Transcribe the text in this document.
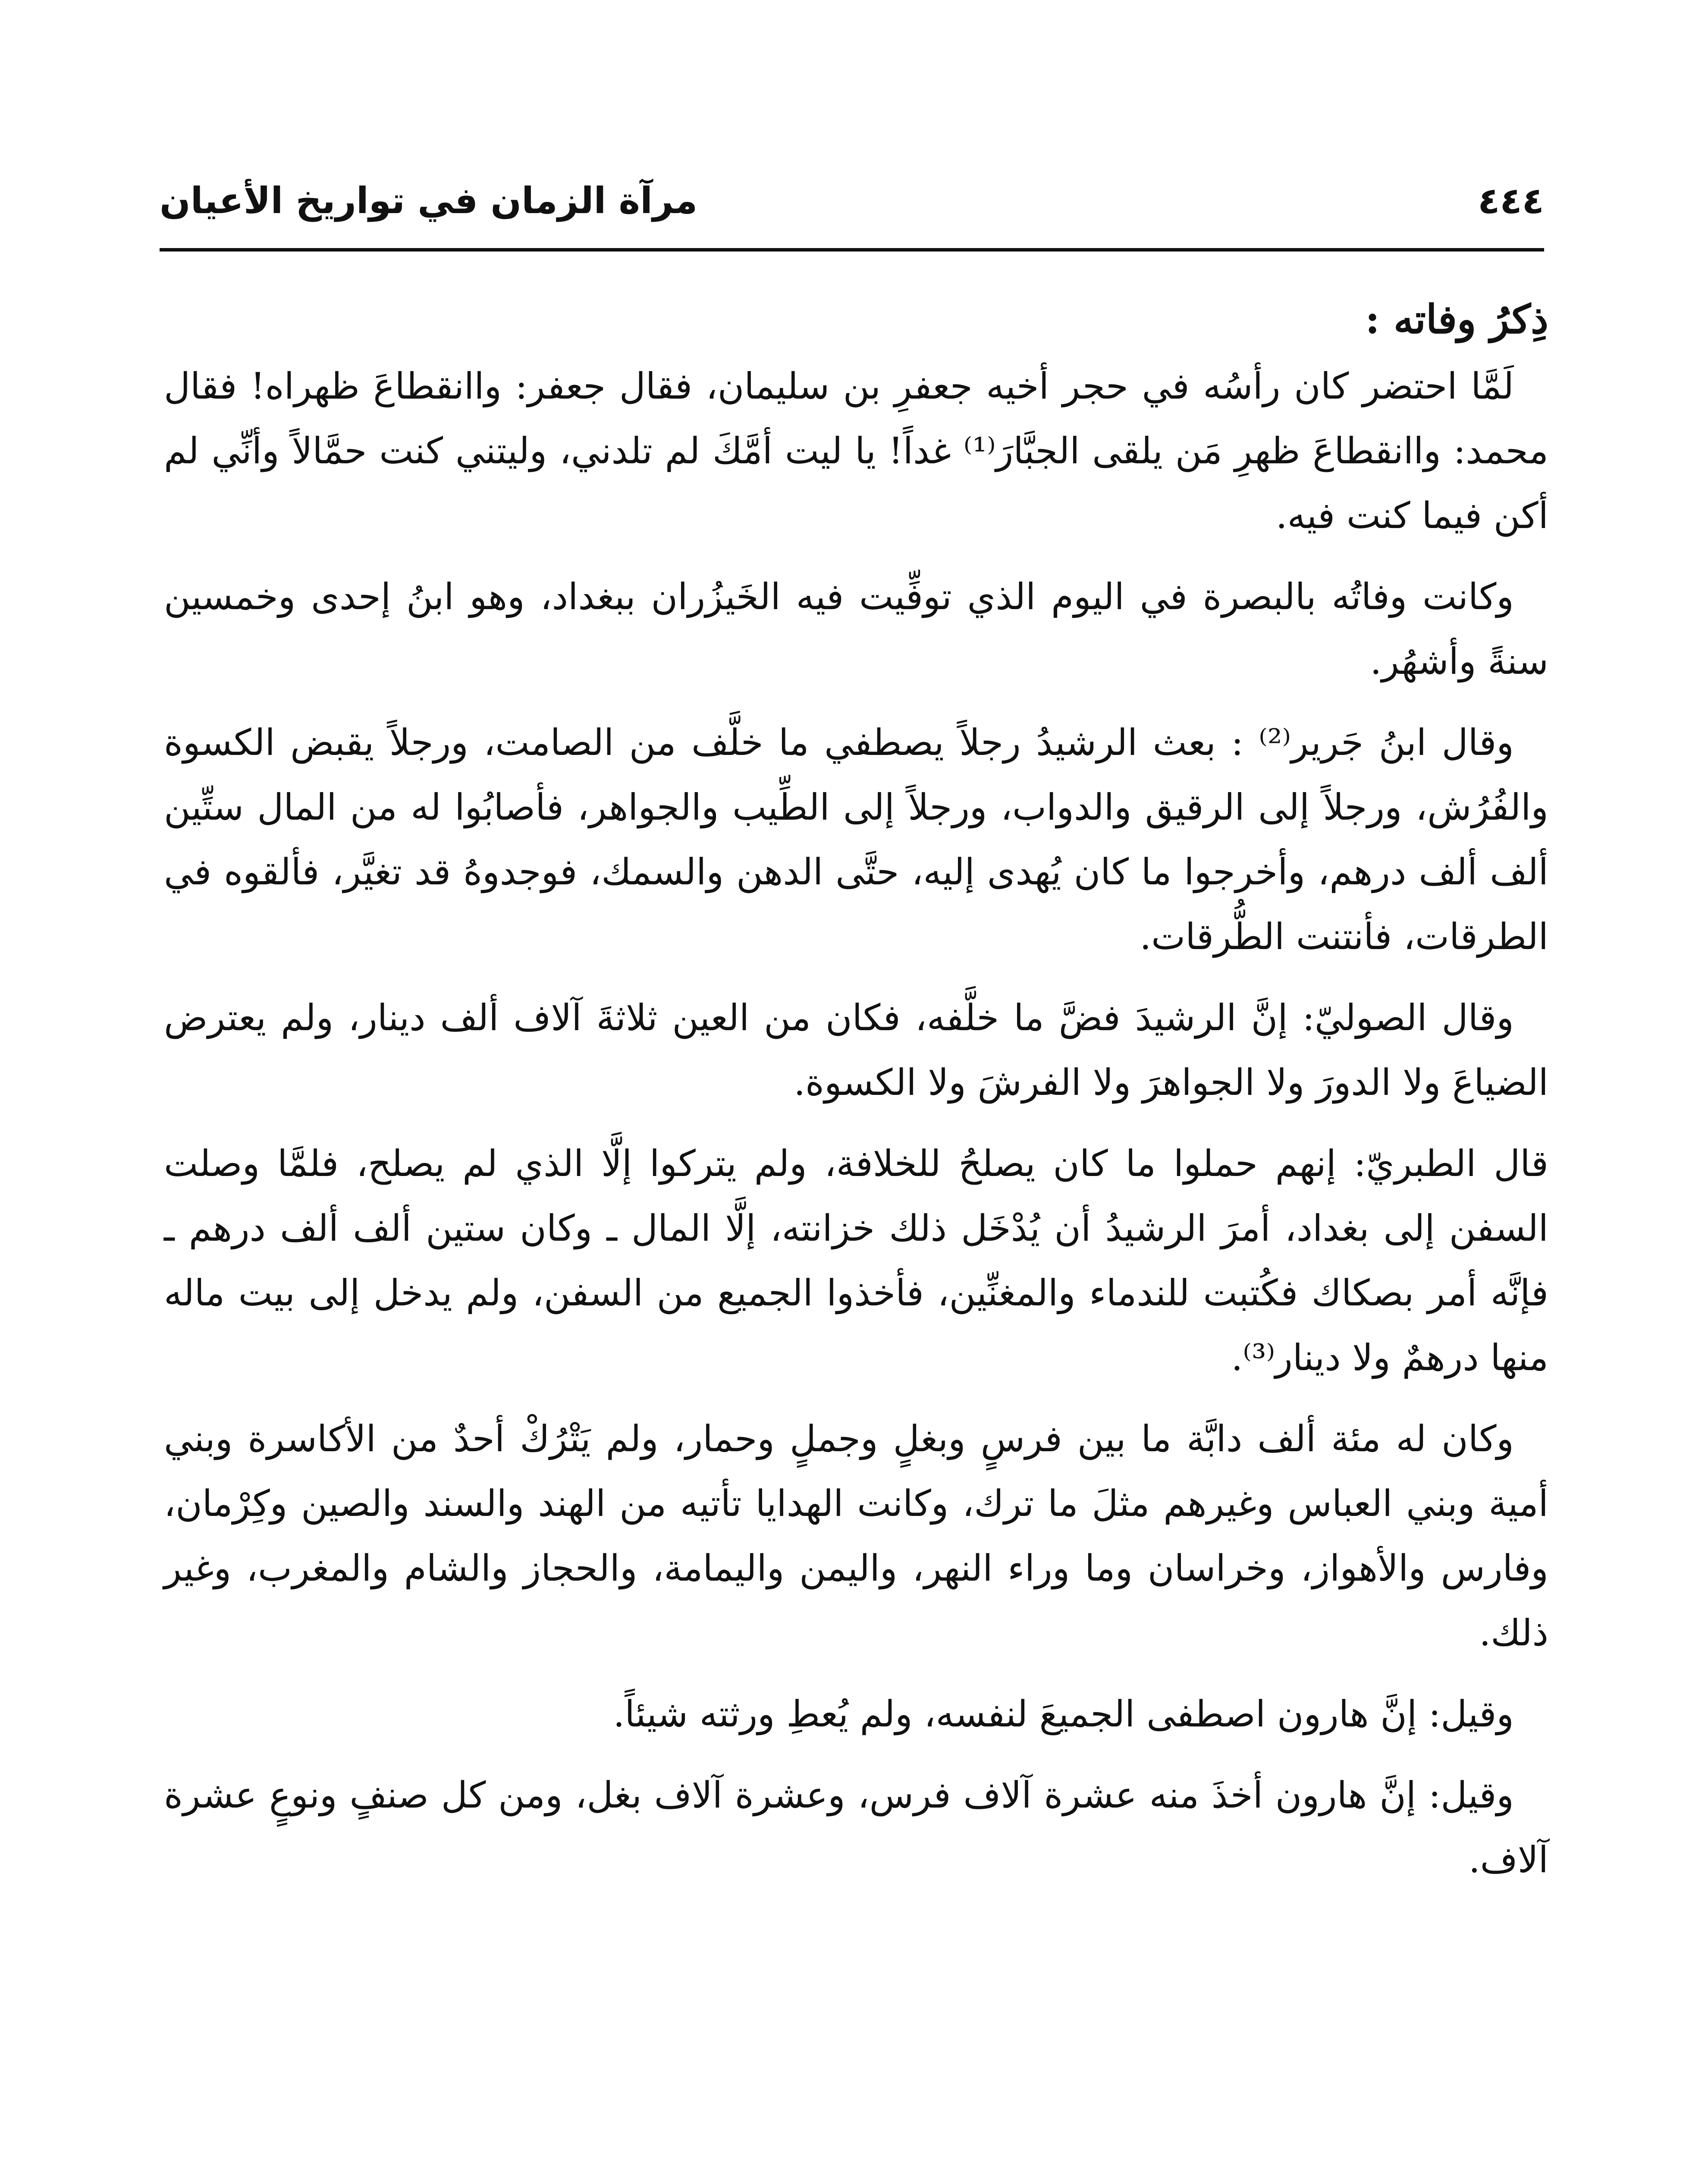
مرآة الزمان في تواريخ الأعيان	٤٤٤

ذِكرُ وفاته :

لَمَّا احتضر كان رأسُه في حجر أخيه جعفرِ بن سليمان، فقال جعفر: واانقطاعَ ظهراه! فقال محمد: واانقطاعَ ظهرِ مَن يلقى الجبَّارَ⁽¹⁾ غداً! يا ليت أمَّكَ لم تلدني، وليتني كنت حمَّالاً وأنِّي لم أكن فيما كنت فيه.

وكانت وفاتُه بالبصرة في اليوم الذي توفِّيت فيه الخَيزُران ببغداد، وهو ابنُ إحدى وخمسين سنةً وأشهُر.

وقال ابنُ جَرير⁽²⁾ : بعث الرشيدُ رجلاً يصطفي ما خلَّف من الصامت، ورجلاً يقبض الكسوة والفُرُش، ورجلاً إلى الرقيق والدواب، ورجلاً إلى الطِّيب والجواهر، فأصابُوا له من المال ستِّين ألف ألف درهم، وأخرجوا ما كان يُهدى إليه، حتَّى الدهن والسمك، فوجدوهُ قد تغيَّر، فألقوه في الطرقات، فأنتنت الطُّرقات.

وقال الصوليّ: إنَّ الرشيدَ فضَّ ما خلَّفه، فكان من العين ثلاثةَ آلاف ألف دينار، ولم يعترض الضياعَ ولا الدورَ ولا الجواهرَ ولا الفرشَ ولا الكسوة.

قال الطبريّ: إنهم حملوا ما كان يصلحُ للخلافة، ولم يتركوا إلَّا الذي لم يصلح، فلمَّا وصلت السفن إلى بغداد، أمرَ الرشيدُ أن يُدْخَل ذلك خزانته، إلَّا المال ـ وكان ستين ألف ألف درهم ـ فإنَّه أمر بصكاك فكُتبت للندماء والمغنِّين، فأخذوا الجميع من السفن، ولم يدخل إلى بيت ماله منها درهمٌ ولا دينار⁽³⁾.

وكان له مئة ألف دابَّة ما بين فرسٍ وبغلٍ وجملٍ وحمار، ولم يَتْرُكْ أحدٌ من الأكاسرة وبني أمية وبني العباس وغيرهم مثلَ ما ترك، وكانت الهدايا تأتيه من الهند والسند والصين وكِرْمان، وفارس والأهواز، وخراسان وما وراء النهر، واليمن واليمامة، والحجاز والشام والمغرب، وغير ذلك.

وقيل: إنَّ هارون اصطفى الجميعَ لنفسه، ولم يُعطِ ورثته شيئاً.

وقيل: إنَّ هارون أخذَ منه عشرة آلاف فرس، وعشرة آلاف بغل، ومن كل صنفٍ ونوعٍ عشرة آلاف.
